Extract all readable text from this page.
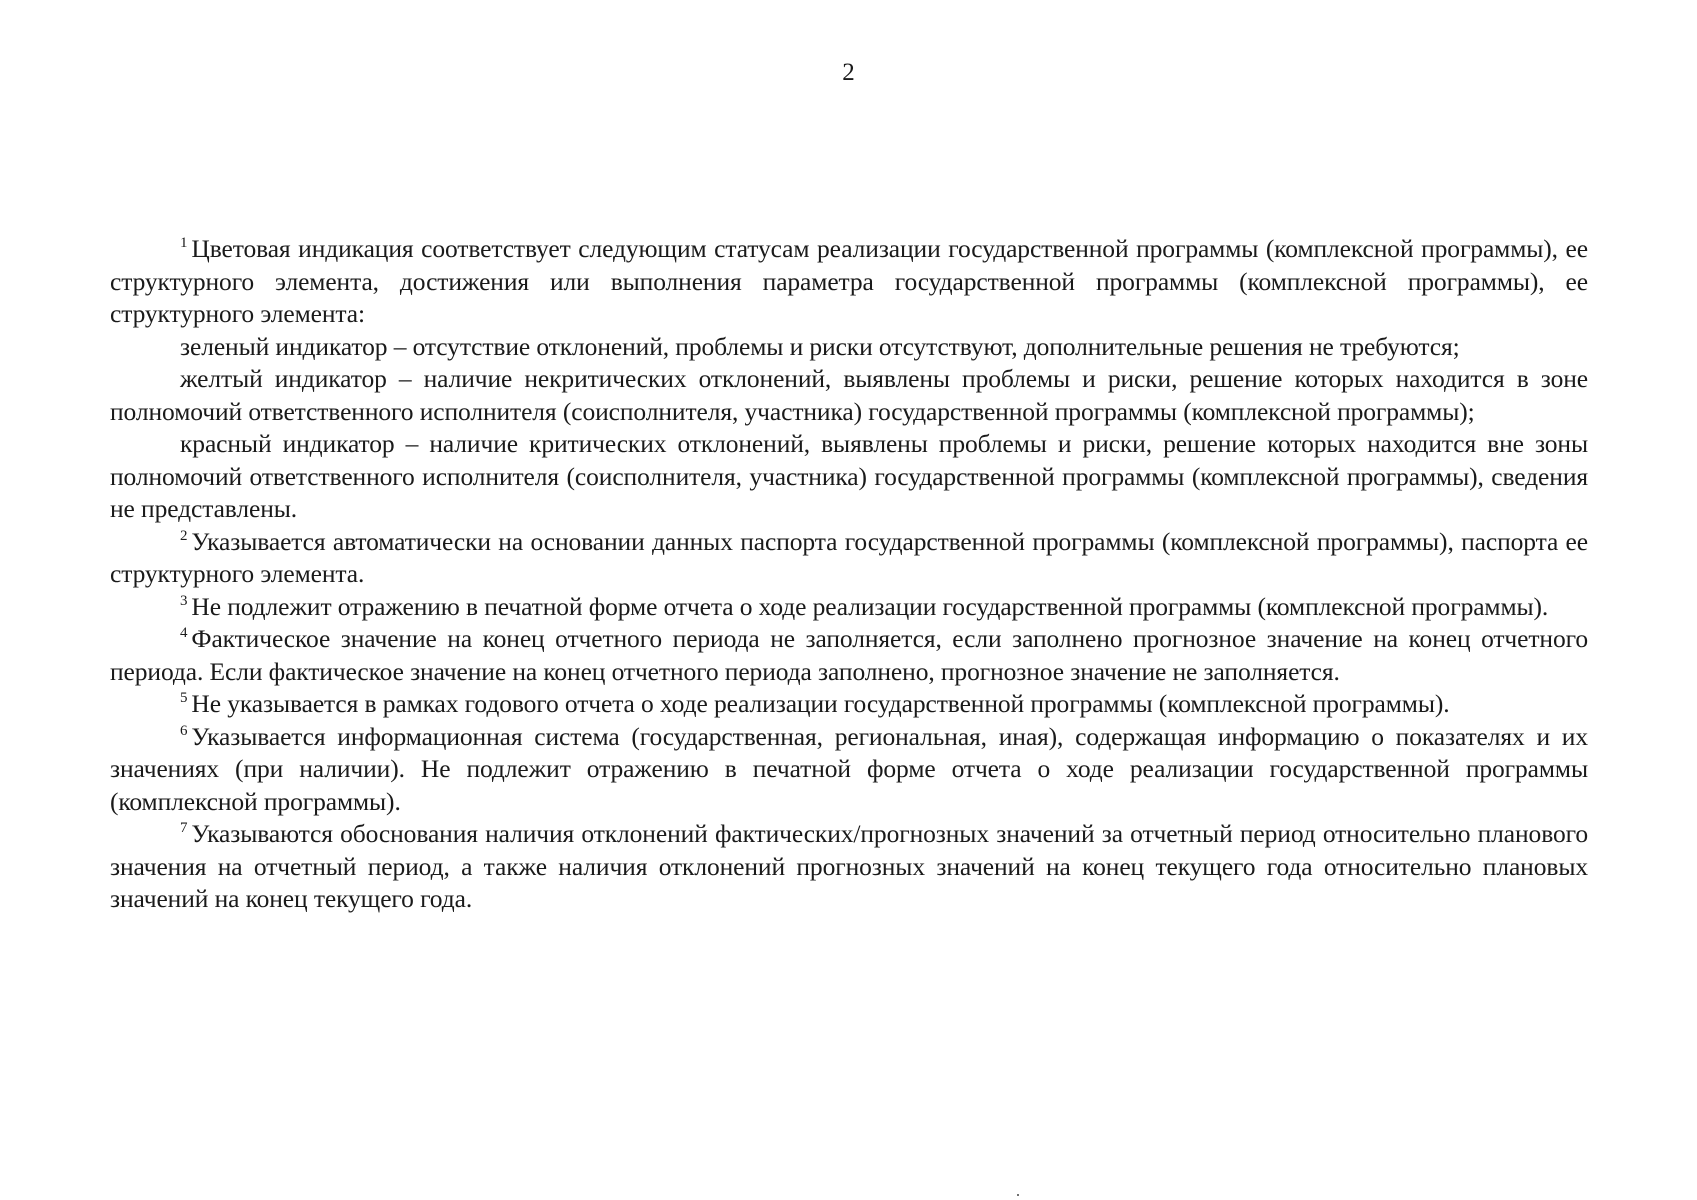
2

$^1$ Цветовая индикация соответствует следующим статусам реализации государственной программы (комплексной программы), ее структурного элемента, достижения или выполнения параметра государственной программы (комплексной программы), ее структурного элемента:

зеленый индикатор – отсутствие отклонений, проблемы и риски отсутствуют, дополнительные решения не требуются;

желтый индикатор – наличие некритических отклонений, выявлены проблемы и риски, решение которых находится в зоне полномочий ответственного исполнителя (соисполнителя, участника) государственной программы (комплексной программы);

красный индикатор – наличие критических отклонений, выявлены проблемы и риски, решение которых находится вне зоны полномочий ответственного исполнителя (соисполнителя, участника) государственной программы (комплексной программы), сведения не представлены.

$^2$ Указывается автоматически на основании данных паспорта государственной программы (комплексной программы), паспорта ее структурного элемента.

$^3$ Не подлежит отражению в печатной форме отчета о ходе реализации государственной программы (комплексной программы).

$^4$ Фактическое значение на конец отчетного периода не заполняется, если заполнено прогнозное значение на конец отчетного периода. Если фактическое значение на конец отчетного периода заполнено, прогнозное значение не заполняется.

$^5$ Не указывается в рамках годового отчета о ходе реализации государственной программы (комплексной программы).

$^6$ Указывается информационная система (государственная, региональная, иная), содержащая информацию о показателях и их значениях (при наличии). Не подлежит отражению в печатной форме отчета о ходе реализации государственной программы (комплексной программы).

$^7$ Указываются обоснования наличия отклонений фактических/прогнозных значений за отчетный период относительно планового значения на отчетный период, а также наличия отклонений прогнозных значений на конец текущего года относительно плановых значений на конец текущего года.
